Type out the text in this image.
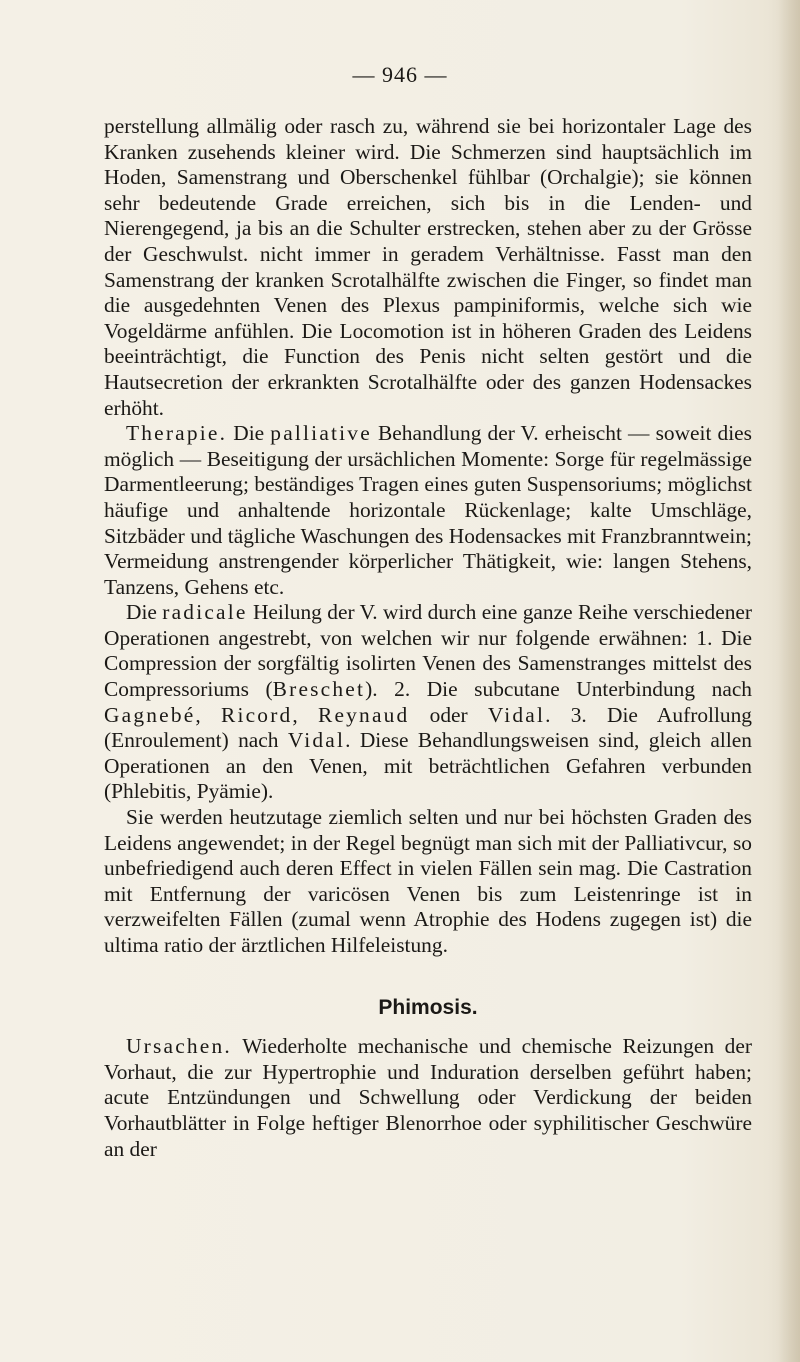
— 946 —

perstellung allmälig oder rasch zu, während sie bei horizontaler Lage des Kranken zusehends kleiner wird. Die Schmerzen sind hauptsächlich im Hoden, Samenstrang und Oberschenkel fühlbar (Orchalgie); sie können sehr bedeutende Grade erreichen, sich bis in die Lenden- und Nierengegend, ja bis an die Schulter erstrecken, stehen aber zu der Grösse der Geschwulst. nicht immer in geradem Verhältnisse. Fasst man den Samenstrang der kranken Scrotalhälfte zwischen die Finger, so findet man die ausgedehnten Venen des Plexus pampiniformis, welche sich wie Vogeldärme anfühlen. Die Locomotion ist in höheren Graden des Leidens beeinträchtigt, die Function des Penis nicht selten gestört und die Hautsecretion der erkrankten Scrotalhälfte oder des ganzen Hodensackes erhöht.

Therapie. Die palliative Behandlung der V. erheischt — soweit dies möglich — Beseitigung der ursächlichen Momente: Sorge für regelmässige Darmentleerung; beständiges Tragen eines guten Suspensoriums; möglichst häufige und anhaltende horizontale Rückenlage; kalte Umschläge, Sitzbäder und tägliche Waschungen des Hodensackes mit Franzbranntwein; Vermeidung anstrengender körperlicher Thätigkeit, wie: langen Stehens, Tanzens, Gehens etc.

Die radicale Heilung der V. wird durch eine ganze Reihe verschiedener Operationen angestrebt, von welchen wir nur folgende erwähnen: 1. Die Compression der sorgfältig isolirten Venen des Samenstranges mittelst des Compressoriums (Breschet). 2. Die subcutane Unterbindung nach Gagnebé, Ricord, Reynaud oder Vidal. 3. Die Aufrollung (Enroulement) nach Vidal. Diese Behandlungsweisen sind, gleich allen Operationen an den Venen, mit beträchtlichen Gefahren verbunden (Phlebitis, Pyämie).

Sie werden heutzutage ziemlich selten und nur bei höchsten Graden des Leidens angewendet; in der Regel begnügt man sich mit der Palliativcur, so unbefriedigend auch deren Effect in vielen Fällen sein mag. Die Castration mit Entfernung der varicösen Venen bis zum Leistenringe ist in verzweifelten Fällen (zumal wenn Atrophie des Hodens zugegen ist) die ultima ratio der ärztlichen Hilfeleistung.

Phimosis.

Ursachen. Wiederholte mechanische und chemische Reizungen der Vorhaut, die zur Hypertrophie und Induration derselben geführt haben; acute Entzündungen und Schwellung oder Verdickung der beiden Vorhautblätter in Folge heftiger Blenorrhoe oder syphilitischer Geschwüre an der
